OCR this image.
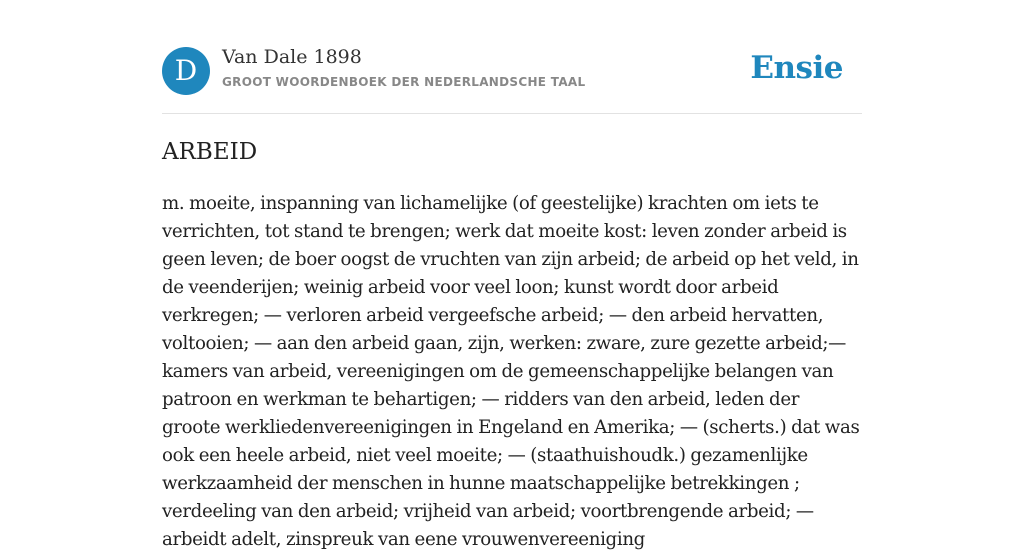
D	Van Dale 1898
GROOT WOORDENBOEK DER NEDERLANDSCHE TAAL	Ensie
ARBEID

m. moeite, inspanning van lichamelijke (of geestelijke) krachten om iets te verrichten, tot stand te brengen; werk dat moeite kost: leven zonder arbeid is geen leven; de boer oogst de vruchten van zijn arbeid; de arbeid op het veld, in de veenderijen; weinig arbeid voor veel loon; kunst wordt door arbeid verkregen; — verloren arbeid vergeefsche arbeid; — den arbeid hervatten, voltooien; — aan den arbeid gaan, zijn, werken: zware, zure gezette arbeid;— kamers van arbeid, vereenigingen om de gemeenschappelijke belangen van patroon en werkman te behartigen; — ridders van den arbeid, leden der groote werkliedenvereenigingen in Engeland en Amerika; — (scherts.) dat was ook een heele arbeid, niet veel moeite; — (staathuishoudk.) gezamenlijke werkzaamheid der menschen in hunne maatschappelijke betrekkingen ; verdeeling van den arbeid; vrijheid van arbeid; voortbrengende arbeid; — arbeidt adelt, zinspreuk van eene vrouwenvereeniging
